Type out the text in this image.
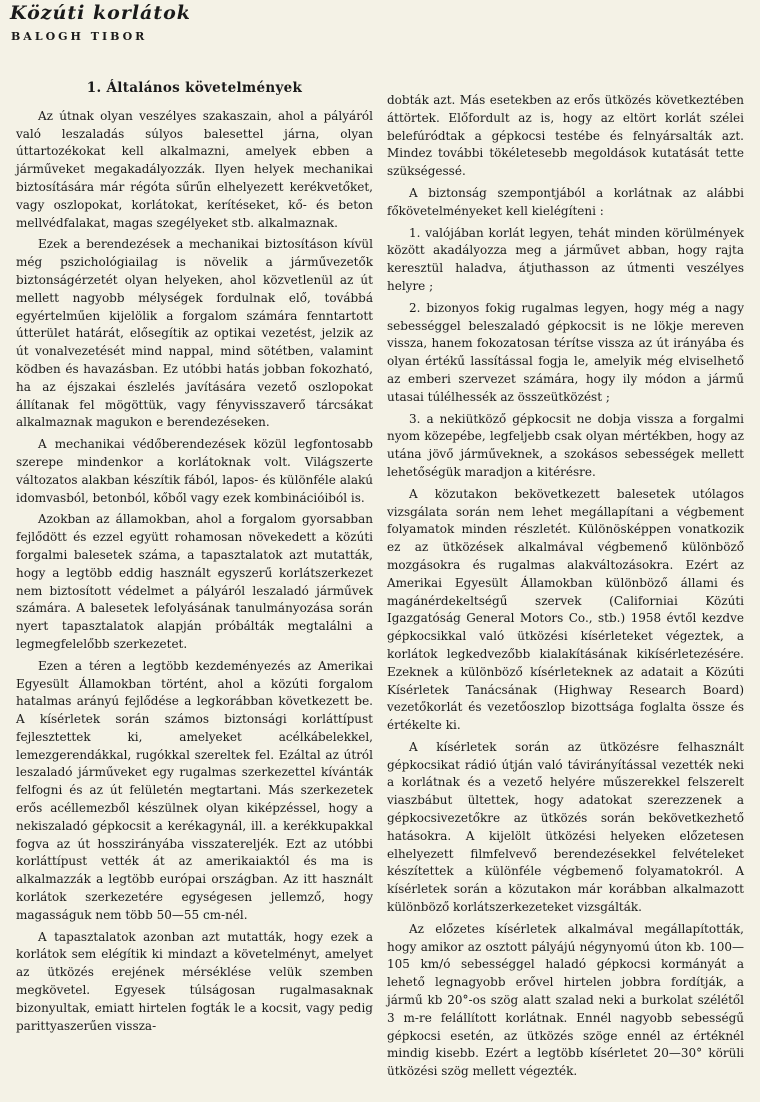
Közúti korlátok
BALOGH TIBOR
1. Általános követelmények

Az útnak olyan veszélyes szakaszain, ahol a pályáról való leszaladás súlyos balesettel járna, olyan úttartozékokat kell alkalmazni, amelyek ebben a járműveket megakadályozzák. Ilyen helyek mechanikai biztosítására már régóta sűrűn elhelyezett kerékvetőket, vagy oszlopokat, korlátokat, kerítéseket, kő- és beton mellvédfalakat, magas szegélyeket stb. alkalmaznak.

Ezek a berendezések a mechanikai biztosításon kívül még pszichológiailag is növelik a járművezetők biztonságérzetét olyan helyeken, ahol közvetlenül az út mellett nagyobb mélységek fordulnak elő, továbbá egyértelműen kijelölik a forgalom számára fenntartott útterület határát, elősegítik az optikai vezetést, jelzik az út vonalvezetését mind nappal, mind sötétben, valamint ködben és havazásban. Ez utóbbi hatás jobban fokozható, ha az éjszakai észlelés javítására vezető oszlopokat állítanak fel mögöttük, vagy fényvisszaverő tárcsákat alkalmaznak magukon e berendezéseken.

A mechanikai védőberendezések közül legfontosabb szerepe mindenkor a korlátoknak volt. Világszerte változatos alakban készítik fából, lapos- és különféle alakú idomvasból, betonból, kőből vagy ezek kombinációiból is.

Azokban az államokban, ahol a forgalom gyorsabban fejlődött és ezzel együtt rohamosan növekedett a közúti forgalmi balesetek száma, a tapasztalatok azt mutatták, hogy a legtöbb eddig használt egyszerű korlátszerkezet nem biztosított védelmet a pályáról leszaladó járművek számára. A balesetek lefolyásának tanulmányozása során nyert tapasztalatok alapján próbálták megtalálni a legmegfelelőbb szerkezetet.

Ezen a téren a legtöbb kezdeményezés az Amerikai Egyesült Államokban történt, ahol a közúti forgalom hatalmas arányú fejlődése a legkorábban következett be. A kísérletek során számos biztonsági korláttípust fejlesztettek ki, amelyeket acélkábelekkel, lemezgerendákkal, rugókkal szereltek fel. Ezáltal az útról leszaladó járműveket egy rugalmas szerkezettel kívánták felfogni és az út felületén megtartani. Más szerkezetek erős acéllemezből készülnek olyan kiképzéssel, hogy a nekiszaladó gépkocsit a kerékagynál, ill. a kerékkupakkal fogva az út hosszirányába visszatereljék. Ezt az utóbbi korláttípust vették át az amerikaiaktól és ma is alkalmazzák a legtöbb európai országban. Az itt használt korlátok szerkezetére egységesen jellemző, hogy magasságuk nem több 50—55 cm-nél.

A tapasztalatok azonban azt mutatták, hogy ezek a korlátok sem elégítik ki mindazt a követelményt, amelyet az ütközés erejének mérséklése velük szemben megkövetel. Egyesek túlságosan rugalmasaknak bizonyultak, emiatt hirtelen fogták le a kocsit, vagy pedig parittyaszerűen vissza-

dobták azt. Más esetekben az erős ütközés következtében áttörtek. Előfordult az is, hogy az eltört korlát szélei belefúródtak a gépkocsi testébe és felnyársalták azt. Mindez további tökéletesebb megoldások kutatását tette szükségessé.

A biztonság szempontjából a korlátnak az alábbi főkövetelményeket kell kielégíteni :

1. valójában korlát legyen, tehát minden körülmények között akadályozza meg a járművet abban, hogy rajta keresztül haladva, átjuthasson az útmenti veszélyes helyre ;

2. bizonyos fokig rugalmas legyen, hogy még a nagy sebességgel beleszaladó gépkocsit is ne lökje mereven vissza, hanem fokozatosan térítse vissza az út irányába és olyan értékű lassítással fogja le, amelyik még elviselhető az emberi szervezet számára, hogy ily módon a jármű utasai túlélhessék az összeütközést ;

3. a nekiütköző gépkocsit ne dobja vissza a forgalmi nyom közepébe, legfeljebb csak olyan mértékben, hogy az utána jövő járműveknek, a szokásos sebességek mellett lehetőségük maradjon a kitérésre.

A közutakon bekövetkezett balesetek utólagos vizsgálata során nem lehet megállapítani a végbement folyamatok minden részletét. Különösképpen vonatkozik ez az ütközések alkalmával végbemenő különböző mozgásokra és rugalmas alakváltozásokra. Ezért az Amerikai Egyesült Államokban különböző állami és magánérdekeltségű szervek (Californiai Közúti Igazgatóság General Motors Co., stb.) 1958 évtől kezdve gépkocsikkal való ütközési kísérleteket végeztek, a korlátok legkedvezőbb kialakításának kikísérletezésére. Ezeknek a különböző kísérleteknek az adatait a Közúti Kísérletek Tanácsának (Highway Research Board) vezetőkorlát és vezetőoszlop bizottsága foglalta össze és értékelte ki.

A kísérletek során az ütközésre felhasznált gépkocsikat rádió útján való távirányítással vezették neki a korlátnak és a vezető helyére műszerekkel felszerelt viaszbábut ültettek, hogy adatokat szerezzenek a gépkocsivezetőkre az ütközés során bekövetkezhető hatásokra. A kijelölt ütközési helyeken előzetesen elhelyezett filmfelvevő berendezésekkel felvételeket készítettek a különféle végbemenő folyamatokról. A kísérletek során a közutakon már korábban alkalmazott különböző korlátszerkezeteket vizsgálták.

Az előzetes kísérletek alkalmával megállapították, hogy amikor az osztott pályájú négynyomú úton kb. 100—105 km/ó sebességgel haladó gépkocsi kormányát a lehető legnagyobb erővel hirtelen jobbra fordítják, a jármű kb 20°-os szög alatt szalad neki a burkolat szélétől 3 m-re felállított korlátnak. Ennél nagyobb sebességű gépkocsi esetén, az ütközés szöge ennél az értéknél mindig kisebb. Ezért a legtöbb kísérletet 20—30° körüli ütközési szög mellett végezték.
